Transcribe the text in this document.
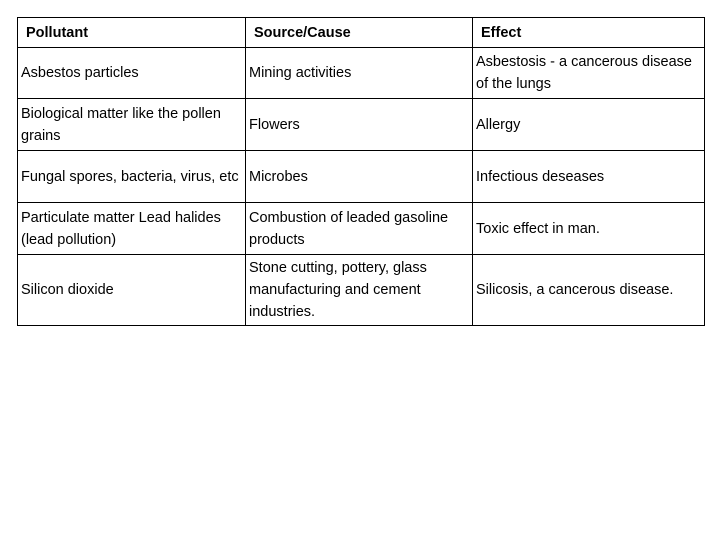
Pollutant	Source/Cause	Effect
Asbestos particles	Mining activities	Asbestosis - a cancerous disease of the lungs
Biological matter like the pollen grains	Flowers	Allergy
Fungal spores, bacteria, virus, etc	Microbes	Infectious deseases
Particulate matter Lead halides (lead pollution)	Combustion of leaded gasoline products	Toxic effect in man.
Silicon dioxide	Stone cutting, pottery, glass manufacturing and cement industries.	Silicosis, a cancerous disease.
